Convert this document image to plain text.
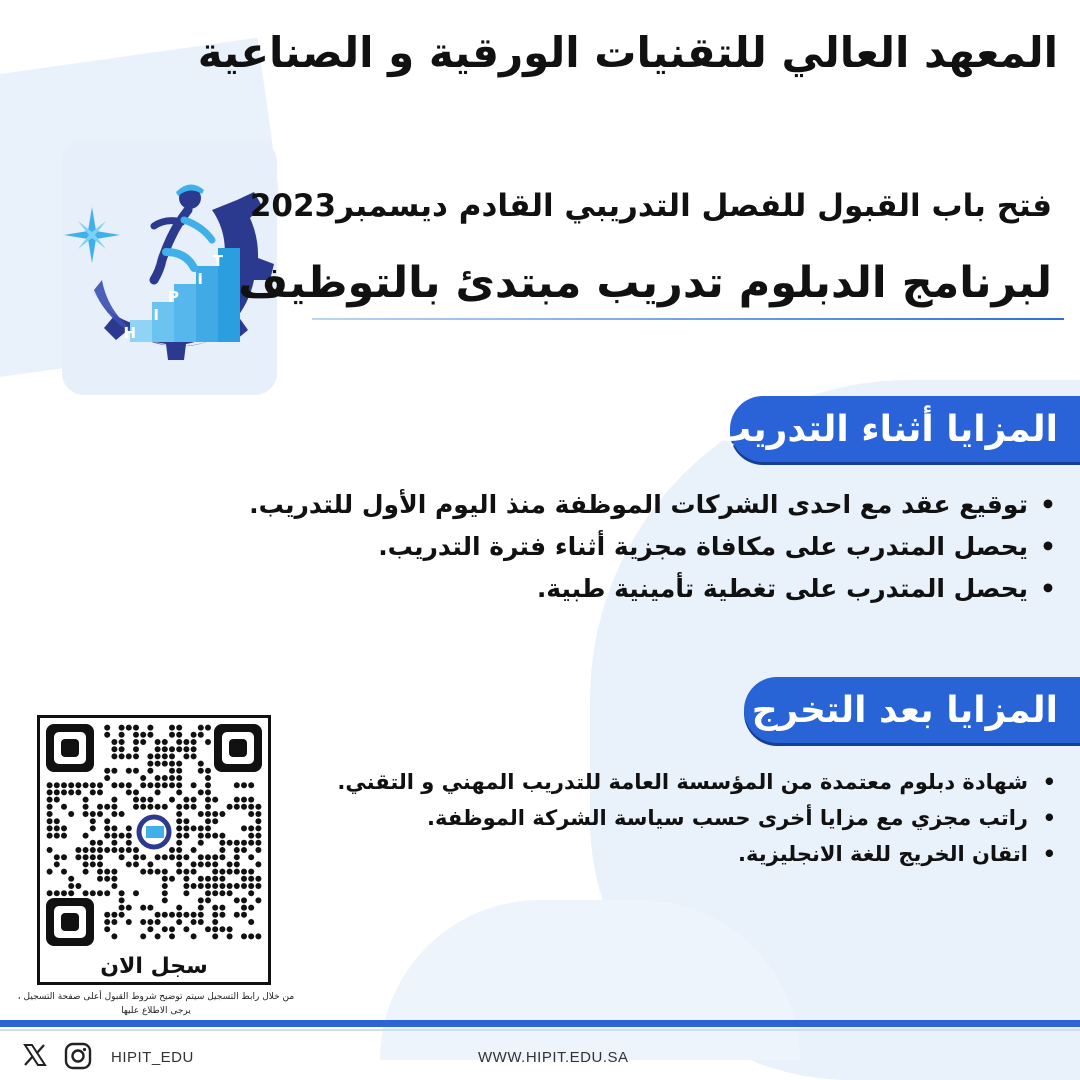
المعهد العالي للتقنيات الورقية و الصناعية
H
I
P
I
T
فتح باب القبول للفصل التدريبي القادم ديسمبر2023
لبرنامج الدبلوم تدريب مبتدئ بالتوظيف
المزايا أثناء التدريب
• توقيع عقد مع احدى الشركات الموظفة منذ اليوم الأول للتدريب.
• يحصل المتدرب على مكافاة مجزية أثناء فترة التدريب.
• يحصل المتدرب على تغطية تأمينية طبية.
المزايا بعد التخرج
• شهادة دبلوم معتمدة من المؤسسة العامة للتدريب المهني و التقني.
• راتب مجزي مع مزايا أخرى حسب سياسة الشركة الموظفة.
• اتقان الخريج للغة الانجليزية.
سجل الان
من خلال رابط التسجيل سيتم توضيح شروط القبول أعلى صفحة التسجيل ، يرجى الاطلاع عليها
HIPIT_EDU	WWW.HIPIT.EDU.SA
